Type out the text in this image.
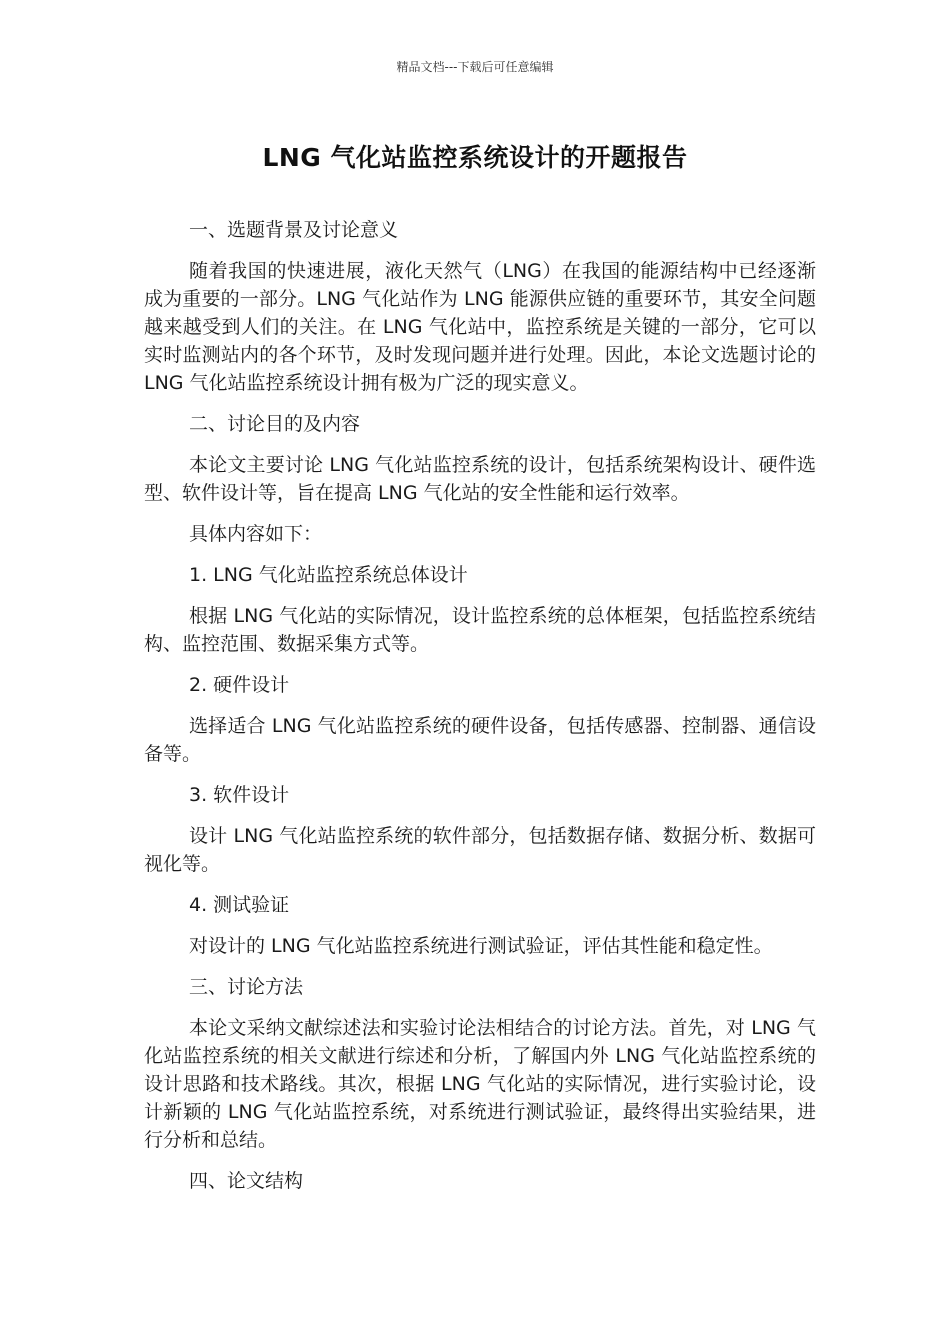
精品文档---下载后可任意编辑
LNG 气化站监控系统设计的开题报告
一、选题背景及讨论意义
随着我国的快速进展，液化天然气（LNG）在我国的能源结构中已经逐渐成为重要的一部分。LNG 气化站作为 LNG 能源供应链的重要环节，其安全问题越来越受到人们的关注。在 LNG 气化站中，监控系统是关键的一部分，它可以实时监测站内的各个环节，及时发现问题并进行处理。因此，本论文选题讨论的 LNG 气化站监控系统设计拥有极为广泛的现实意义。
二、讨论目的及内容
本论文主要讨论 LNG 气化站监控系统的设计，包括系统架构设计、硬件选型、软件设计等，旨在提高 LNG 气化站的安全性能和运行效率。
具体内容如下：
1. LNG 气化站监控系统总体设计
根据 LNG 气化站的实际情况，设计监控系统的总体框架，包括监控系统结构、监控范围、数据采集方式等。
2. 硬件设计
选择适合 LNG 气化站监控系统的硬件设备，包括传感器、控制器、通信设备等。
3. 软件设计
设计 LNG 气化站监控系统的软件部分，包括数据存储、数据分析、数据可视化等。
4. 测试验证
对设计的 LNG 气化站监控系统进行测试验证，评估其性能和稳定性。
三、讨论方法
本论文采纳文献综述法和实验讨论法相结合的讨论方法。首先，对 LNG 气化站监控系统的相关文献进行综述和分析，了解国内外 LNG 气化站监控系统的设计思路和技术路线。其次，根据 LNG 气化站的实际情况，进行实验讨论，设计新颖的 LNG 气化站监控系统，对系统进行测试验证，最终得出实验结果，进行分析和总结。
四、论文结构
